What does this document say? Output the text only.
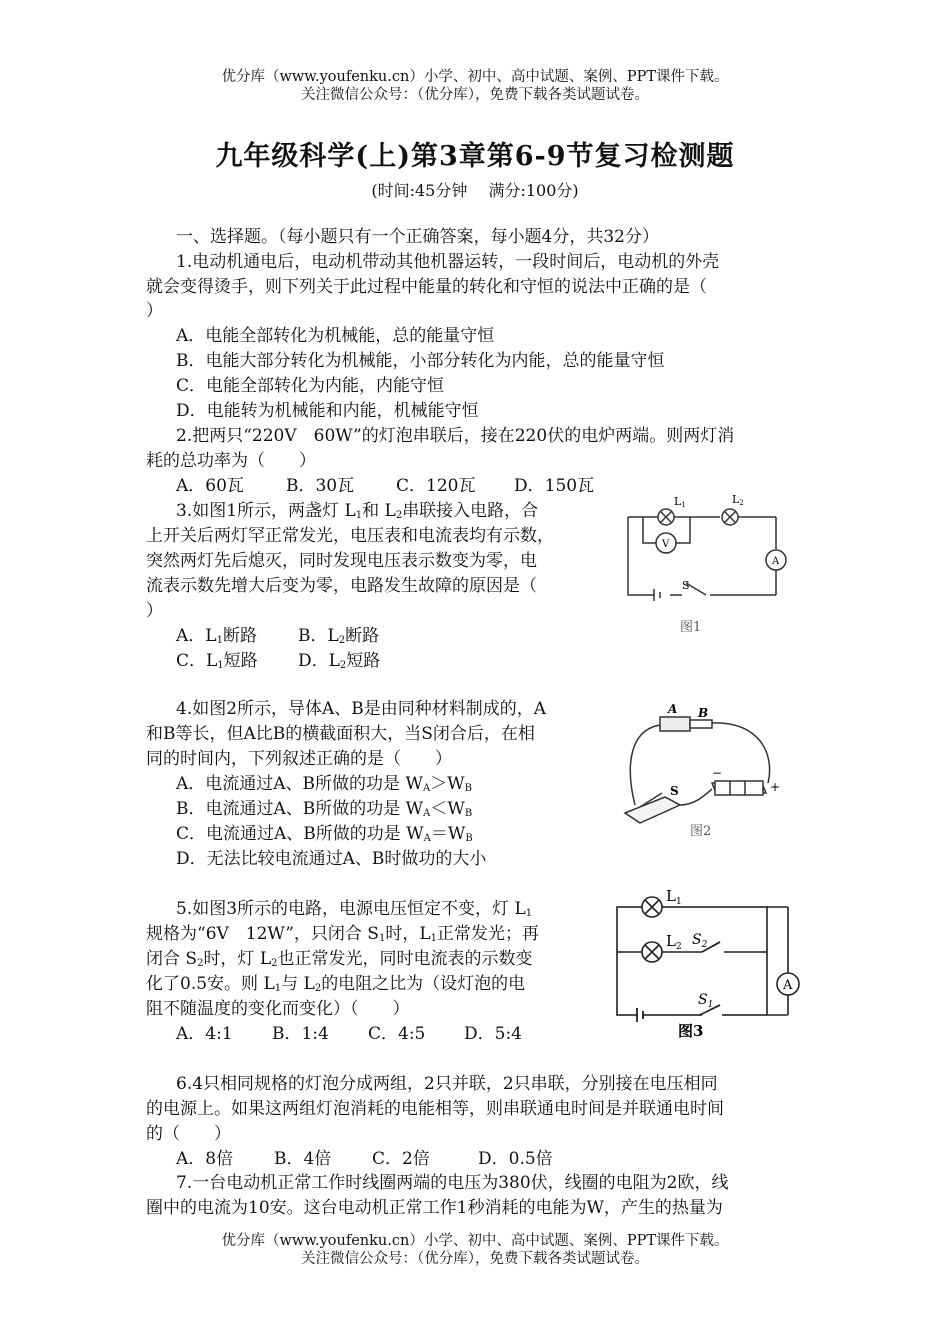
优分库（www.youfenku.cn）小学、初中、高中试题、案例、PPT课件下载。
关注微信公众号：（优分库），免费下载各类试题试卷。
九年级科学(上)第3章第6-9节复习检测题
(时间:45分钟　 满分:100分)
一、选择题。（每小题只有一个正确答案，每小题4分，共32分）
1.电动机通电后，电动机带动其他机器运转，一段时间后，电动机的外壳
就会变得烫手，则下列关于此过程中能量的转化和守恒的说法中正确的是（
）
A．电能全部转化为机械能，总的能量守恒
B．电能大部分转化为机械能，小部分转化为内能，总的能量守恒
C．电能全部转化为内能，内能守恒
D．电能转为机械能和内能，机械能守恒
2.把两只“220V　60W”的灯泡串联后，接在220伏的电炉两端。则两灯消
耗的总功率为（　　）
A．60瓦 B．30瓦 C．120瓦 D．150瓦
3.如图1所示，两盏灯 $L_1$和 $L_2$串联接入电路，合
上开关后两灯罕正常发光，电压表和电流表均有示数，
突然两灯先后熄灭，同时发现电压表示数变为零，电
流表示数先增大后变为零，电路发生故障的原因是（
）
A．$L_1$断路 B．$L_2$断路
C．$L_1$短路 D．$L_2$短路
L1	L2
V
A
S
图1
4.如图2所示，导体A、B是由同种材料制成的，A
和B等长，但A比B的横截面积大，当S闭合后，在相
同的时间内，下列叙述正确的是（　　）
A．电流通过A、B所做的功是 $W_A>W_B$
B．电流通过A、B所做的功是 $W_A<W_B$
C．电流通过A、B所做的功是 $W_A=W_B$
D．无法比较电流通过A、B时做功的大小
A B
S
−
+
图2
5.如图3所示的电路，电源电压恒定不变，灯 $L_1$
规格为“6V　12W”，只闭合 $S_1$时，$L_1$正常发光；再
闭合 $S_2$时，灯 $L_2$也正常发光，同时电流表的示数变
化了0.5安。则 $L_1$与 $L_2$的电阻之比为（设灯泡的电
阻不随温度的变化而变化）（　　）
A．4:1 B．1:4 C．4:5 D．5:4
$L_1$
$L_2$ $S_2$
$S_1$
A
图3
6.4只相同规格的灯泡分成两组，2只并联，2只串联，分别接在电压相同
的电源上。如果这两组灯泡消耗的电能相等，则串联通电时间是并联通电时间
的（　　）
A．8倍 B．4倍 C．2倍	D．0.5倍
7.一台电动机正常工作时线圈两端的电压为380伏，线圈的电阻为2欧，线
圈中的电流为10安。这台电动机正常工作1秒消耗的电能为W，产生的热量为
优分库（www.youfenku.cn）小学、初中、高中试题、案例、PPT课件下载。
关注微信公众号：（优分库），免费下载各类试题试卷。
